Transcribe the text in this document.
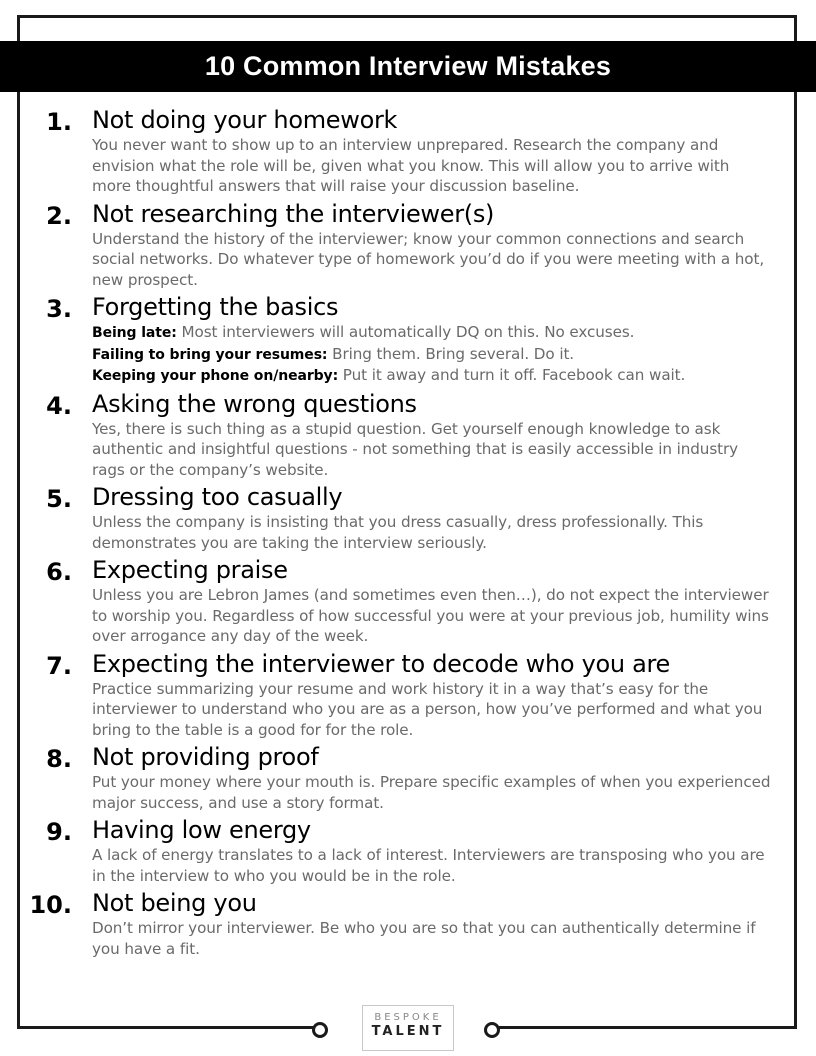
10 Common Interview Mistakes
1. Not doing your homework

You never want to show up to an interview unprepared. Research the company and envision what the role will be, given what you know. This will allow you to arrive with more thoughtful answers that will raise your discussion baseline.

2. Not researching the interviewer(s)

Understand the history of the interviewer; know your common connections and search social networks. Do whatever type of homework you’d do if you were meeting with a hot, new prospect.

3. Forgetting the basics

Being late: Most interviewers will automatically DQ on this. No excuses.

Failing to bring your resumes: Bring them. Bring several. Do it.

Keeping your phone on/nearby: Put it away and turn it off. Facebook can wait.

4. Asking the wrong questions

Yes, there is such thing as a stupid question. Get yourself enough knowledge to ask authentic and insightful questions - not something that is easily accessible in industry rags or the company’s website.

5. Dressing too casually

Unless the company is insisting that you dress casually, dress professionally. This demonstrates you are taking the interview seriously.

6. Expecting praise

Unless you are Lebron James (and sometimes even then…), do not expect the interviewer to worship you. Regardless of how successful you were at your previous job, humility wins over arrogance any day of the week.

7. Expecting the interviewer to decode who you are

Practice summarizing your resume and work history it in a way that’s easy for the interviewer to understand who you are as a person, how you’ve performed and what you bring to the table is a good for for the role.

8. Not providing proof

Put your money where your mouth is. Prepare specific examples of when you experienced major success, and use a story format.

9. Having low energy

A lack of energy translates to a lack of interest. Interviewers are transposing who you are in the interview to who you would be in the role.

10. Not being you

Don’t mirror your interviewer. Be who you are so that you can authentically determine if you have a fit.

BESPOKE
TALENT
